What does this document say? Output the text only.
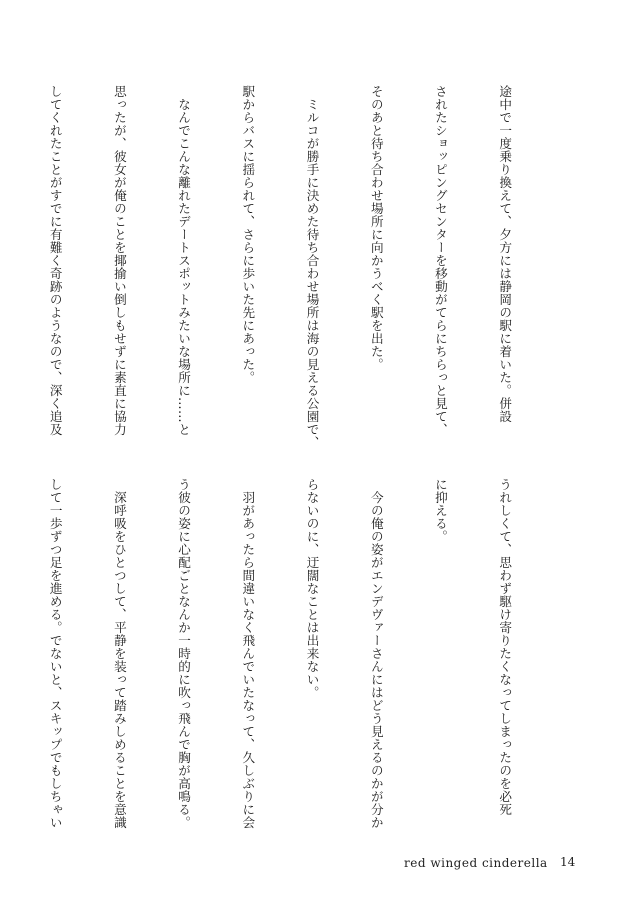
途中で一度乗り換えて、夕方には静岡の駅に着いた。併設

されたショッピングセンターを移動がてらにちらっと見て、

そのあと待ち合わせ場所に向かうべく駅を出た。

　ミルコが勝手に決めた待ち合わせ場所は海の見える公園で、

駅からバスに揺られて、さらに歩いた先にあった。

　なんでこんな離れたデートスポットみたいな場所に……と

思ったが、彼女が俺のことを揶揄い倒しもせずに素直に協力

してくれたことがすでに有難く奇跡のようなので、深く追及

うれしくて、思わず駆け寄りたくなってしまったのを必死

に抑える。

　今の俺の姿がエンデヴァーさんにはどう見えるのかが分か

らないのに、迂闊なことは出来ない。

　羽があったら間違いなく飛んでいたなって、久しぶりに会

う彼の姿に心配ごとなんか一時的に吹っ飛んで胸が高鳴る。

　深呼吸をひとつして、平静を装って踏みしめることを意識

して一歩ずつ足を進める。でないと、スキップでもしちゃい

red winged cinderella 14
